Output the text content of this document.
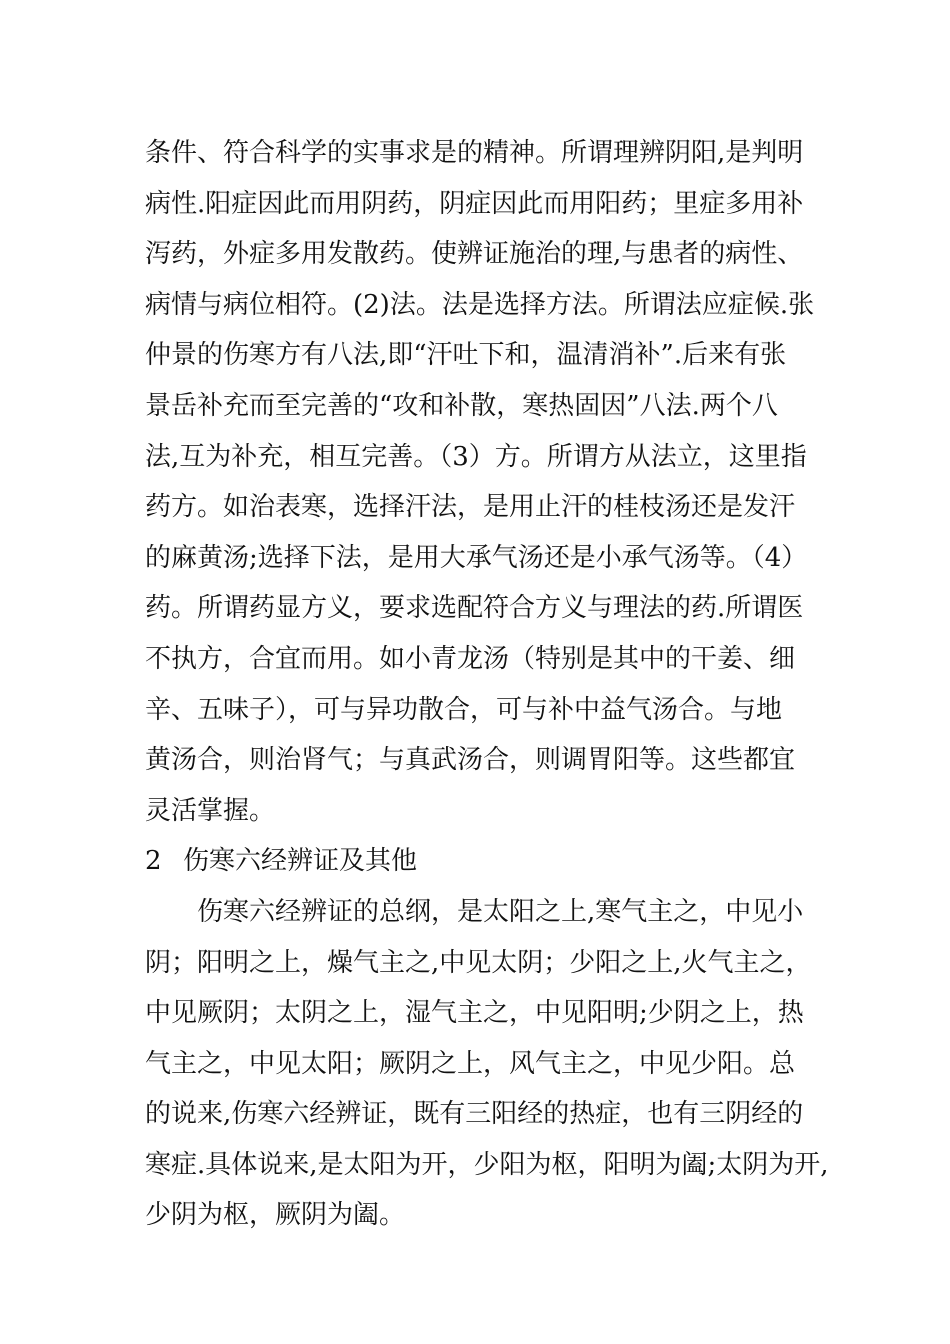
条件、符合科学的实事求是的精神。所谓理辨阴阳,是判明
病性.阳症因此而用阴药，阴症因此而用阳药；里症多用补
泻药，外症多用发散药。使辨证施治的理,与患者的病性、
病情与病位相符。(2)法。法是选择方法。所谓法应症候.张
仲景的伤寒方有八法,即“汗吐下和，温清消补”.后来有张
景岳补充而至完善的“攻和补散，寒热固因”八法.两个八
法,互为补充，相互完善。（3）方。所谓方从法立，这里指
药方。如治表寒，选择汗法，是用止汗的桂枝汤还是发汗
的麻黄汤;选择下法，是用大承气汤还是小承气汤等。（4）
药。所谓药显方义，要求选配符合方义与理法的药.所谓医
不执方，合宜而用。如小青龙汤（特别是其中的干姜、细
辛、五味子），可与异功散合，可与补中益气汤合。与地
黄汤合，则治肾气；与真武汤合，则调胃阳等。这些都宜
灵活掌握。
2 伤寒六经辨证及其他
　　伤寒六经辨证的总纲，是太阳之上,寒气主之，中见小
阴；阳明之上，燥气主之,中见太阴；少阳之上,火气主之，
中见厥阴；太阴之上，湿气主之，中见阳明;少阴之上，热
气主之，中见太阳；厥阴之上，风气主之，中见少阳。总
的说来,伤寒六经辨证，既有三阳经的热症，也有三阴经的
寒症.具体说来,是太阳为开，少阳为枢，阳明为阖;太阴为开,
少阴为枢，厥阴为阖。
